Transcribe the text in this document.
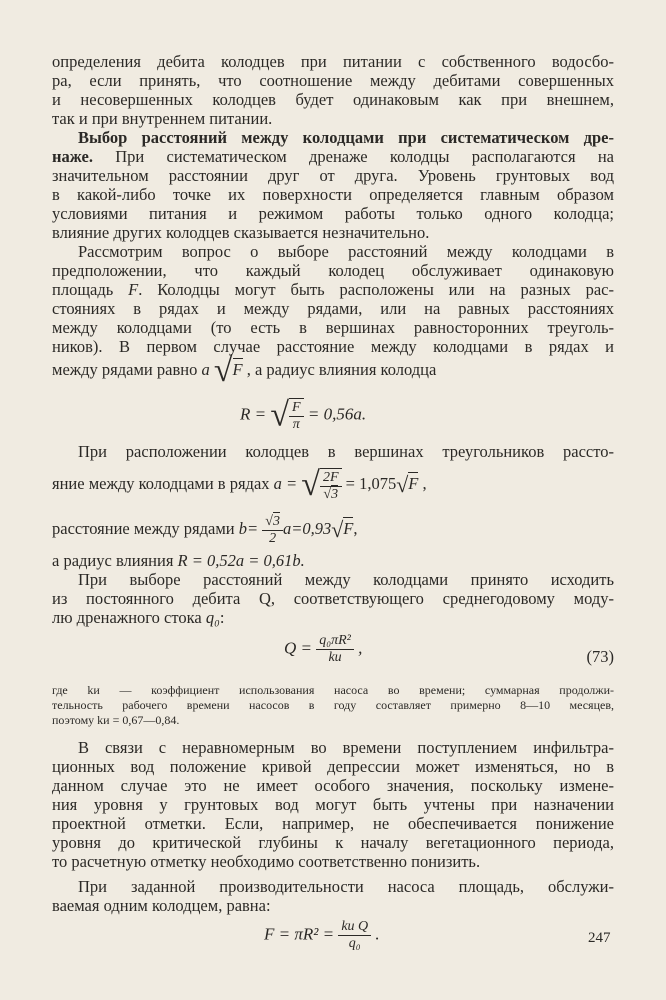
определения дебита колодцев при питании с собственного водосбо-

ра, если принять, что соотношение между дебитами совершенных

и несовершенных колодцев будет одинаковым как при внешнем,

так и при внутреннем питании.

Выбор расстояний между колодцами при систематическом дре-

наже. При систематическом дренаже колодцы располагаются на

значительном расстоянии друг от друга. Уровень грунтовых вод

в какой-либо точке их поверхности определяется главным образом

условиями питания и режимом работы только одного колодца;

влияние других колодцев сказывается незначительно.

Рассмотрим вопрос о выборе расстояний между колодцами в

предположении, что каждый колодец обслуживает одинаковую

площадь F. Колодцы могут быть расположены или на разных рас-

стояниях в рядах и между рядами, или на равных расстояниях

между колодцами (то есть в вершинах равносторонних треуголь-

ников). В первом случае расстояние между колодцами в рядах и

между рядами равно a √F , а радиус влияния колодца

R = √ $\frac{F}{\pi} = 0,56a$.

При расположении колодцев в вершинах треугольников рассто-

яние между колодцами в рядах a = √ $\frac{2F}{√3} = 1,075√F$ ,
расстояние между рядами $b= \frac{√3}{2} a=0,93√F$,

а радиус влияния R = 0,52a = 0,61b.

При выборе расстояний между колодцами принято исходить

из постоянного дебита Q, соответствующего среднегодовому моду-

лю дренажного стока q₀:

$Q = \frac{\text{q₀πR²}}{kи}$ ,	(73)
где kи — коэффициент использования насоса во времени; суммарная продолжи-
тельность рабочего времени насосов в году составляет примерно 8—10 месяцев,
поэтому kи = 0,67—0,84.

В связи с неравномерным во времени поступлением инфильтра-

ционных вод положение кривой депрессии может изменяться, но в

данном случае это не имеет особого значения, поскольку измене-

ния уровня у грунтовых вод могут быть учтены при назначении

проектной отметки. Если, например, не обеспечивается понижение

уровня до критической глубины к началу вегетационного периода,

то расчетную отметку необходимо соответственно понизить.

При заданной производительности насоса площадь, обслужи-

ваемая одним колодцем, равна:

$F = \pi R^2 = \frac{\text{kи Q}}{\text{q₀}}$ .	247
